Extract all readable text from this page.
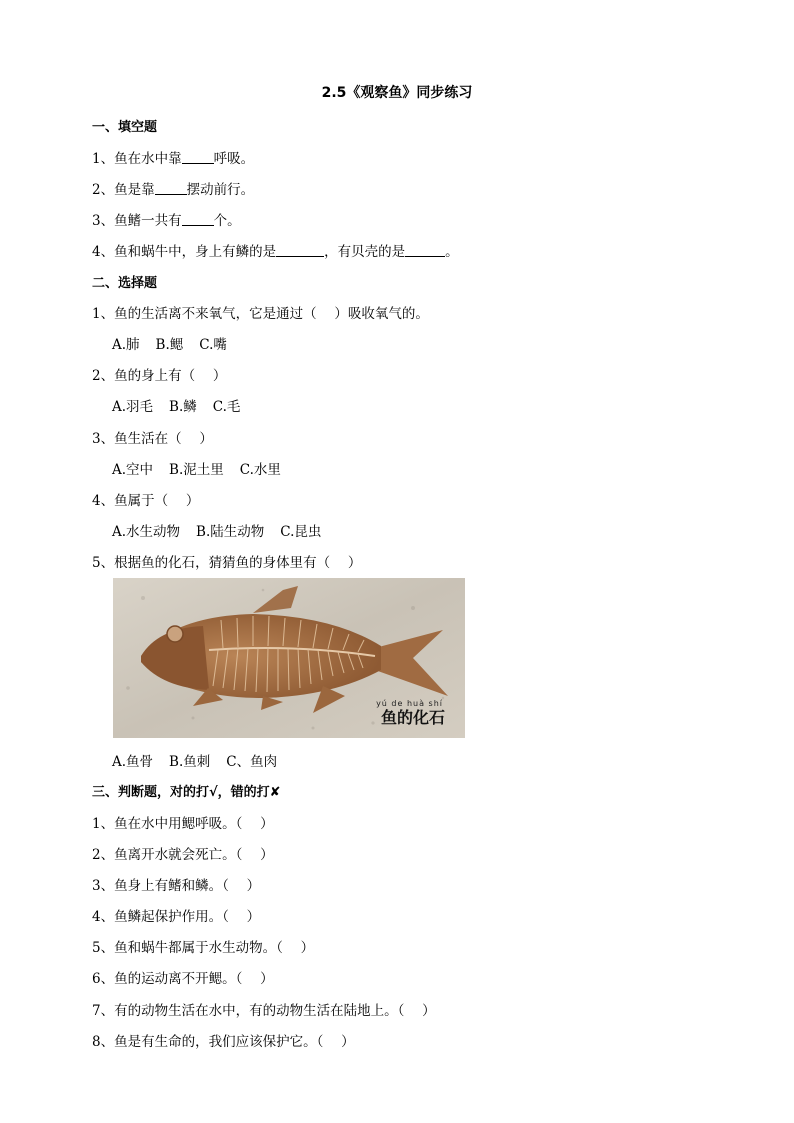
2.5《观察鱼》同步练习
一、填空题
1、鱼在水中靠 呼吸。
2、鱼是靠 摆动前行。
3、鱼鳍一共有 个。
4、鱼和蜗牛中，身上有鳞的是	，有贝壳的是	。
二、选择题
1、鱼的生活离不来氧气，它是通过（　 ）吸收氧气的。
A.肺 B.鳃 C.嘴
2、鱼的身上有（　 ）
A.羽毛 B.鳞 C.毛
3、鱼生活在（　 ）
A.空中 B.泥土里 C.水里
4、鱼属于（　 ）
A.水生动物 B.陆生动物 C.昆虫
5、根据鱼的化石，猜猜鱼的身体里有（　 ）
yú de huà shí
鱼的化石
A.鱼骨 B.鱼刺 C、鱼肉
三、判断题，对的打√，错的打✘
1、鱼在水中用鳃呼吸。（　 ）
2、鱼离开水就会死亡。（　 ）
3、鱼身上有鳍和鳞。（　 ）
4、鱼鳞起保护作用。（　 ）
5、鱼和蜗牛都属于水生动物。（　 ）
6、鱼的运动离不开鳃。（　 ）
7、有的动物生活在水中，有的动物生活在陆地上。（　 ）
8、鱼是有生命的，我们应该保护它。（　 ）
